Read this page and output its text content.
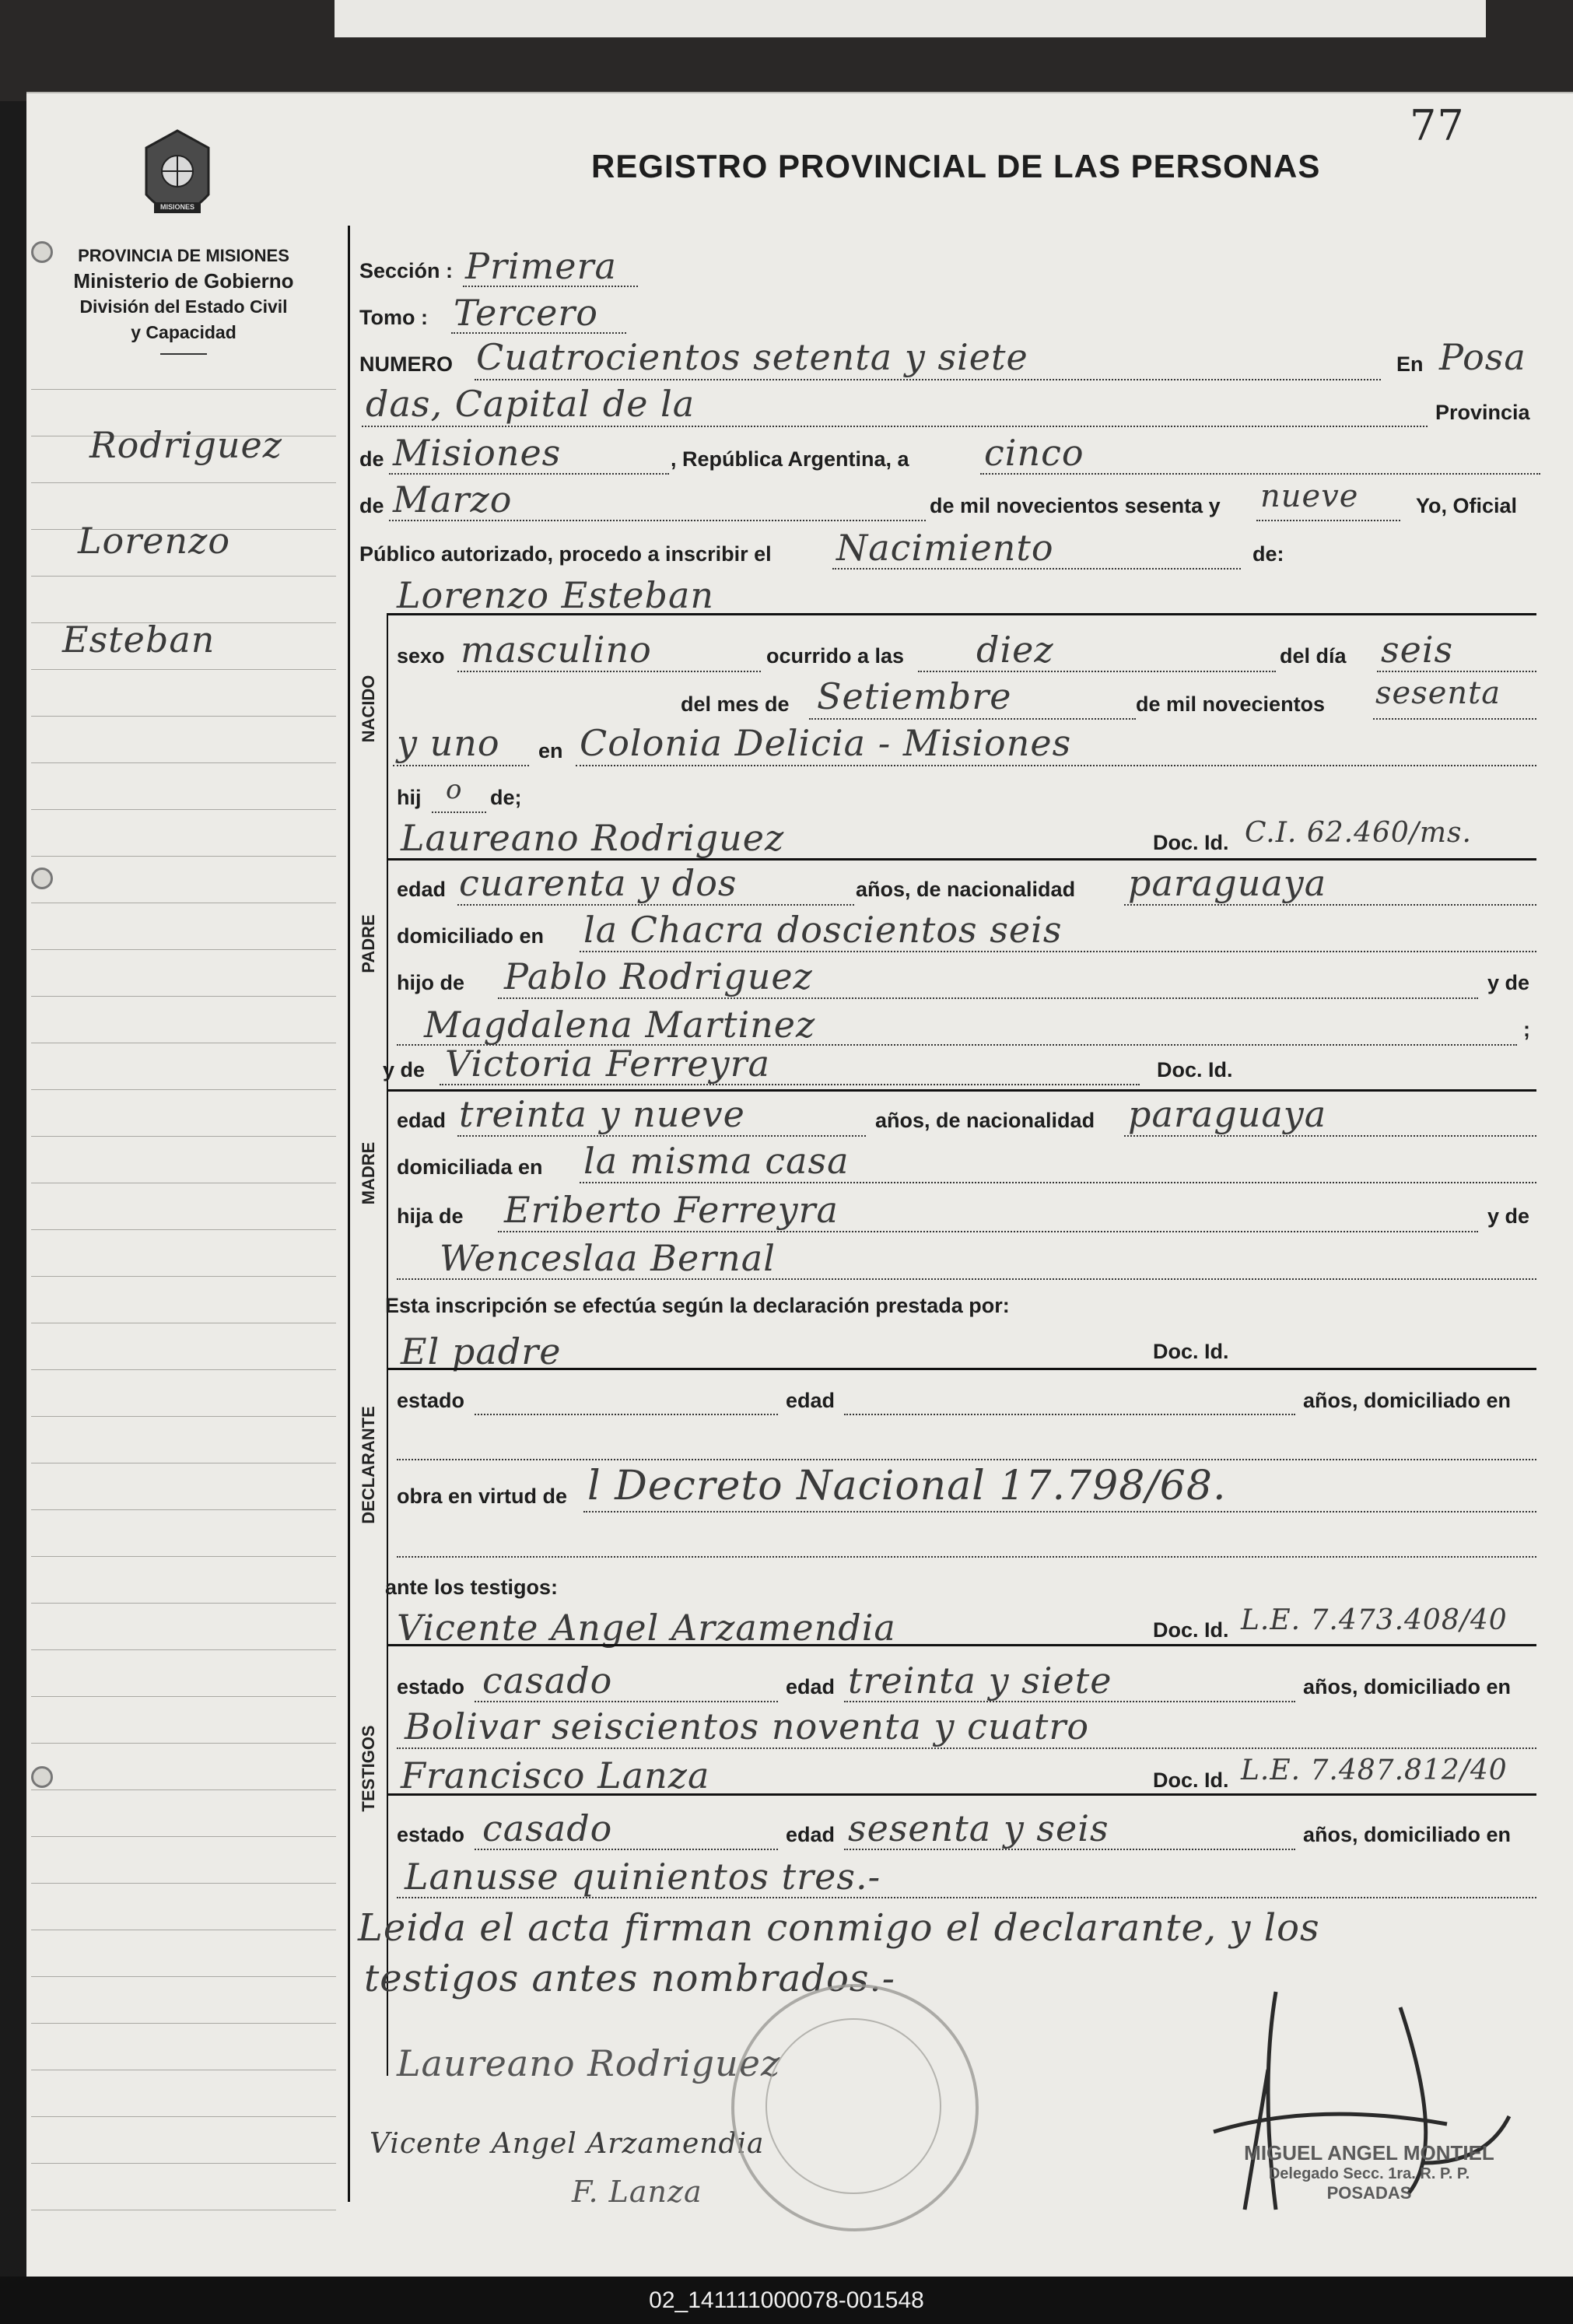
77
REGISTRO PROVINCIAL DE LAS PERSONAS
MISIONES
PROVINCIA DE MISIONES
Ministerio de Gobierno
División del Estado Civil
y Capacidad
Rodriguez
Lorenzo
Esteban
Sección : Primera
Tomo : Tercero
NUMERO Cuatrocientos setenta y siete	En Posa
das, Capital de la	Provincia
de Misiones	, República Argentina, a cinco
de Marzo	de mil novecientos sesenta y nueve	Yo, Oficial
Público autorizado, procedo a inscribir el Nacimiento	de:
Lorenzo Esteban
NACIDO
sexo masculino	ocurrido a las diez	del día seis
del mes de Setiembre	de mil novecientos sesenta
y uno en Colonia Delicia - Misiones
hij o de;
Laureano Rodriguez	Doc. Id. C.I. 62.460/ms.
PADRE
edad cuarenta y dos	años, de nacionalidad paraguaya
domiciliado en la Chacra doscientos seis
hijo de Pablo Rodriguez	y de
Magdalena Martinez	;
y de Victoria Ferreyra	Doc. Id.
MADRE
edad treinta y nueve	años, de nacionalidad paraguaya
domiciliada en la misma casa
hija de Eriberto Ferreyra	y de
Wenceslaa Bernal
Esta inscripción se efectúa según la declaración prestada por:
El padre	Doc. Id.
DECLARANTE
estado	edad	años, domiciliado en
obra en virtud de l Decreto Nacional 17.798/68.
ante los testigos:
Vicente Angel Arzamendia	Doc. Id. L.E. 7.473.408/40
TESTIGOS
estado casado	edad treinta y siete	años, domiciliado en
Bolivar seiscientos noventa y cuatro
Francisco Lanza	Doc. Id. L.E. 7.487.812/40
estado casado	edad sesenta y seis	años, domiciliado en
Lanusse quinientos tres.-
Leida el acta firman conmigo el declarante, y los
testigos antes nombrados.-
Laureano Rodriguez
Vicente Angel Arzamendia
F. Lanza
MIGUEL ANGEL MONTIEL
Delegado Secc. 1ra. R. P. P.
POSADAS
02_141111000078-001548
